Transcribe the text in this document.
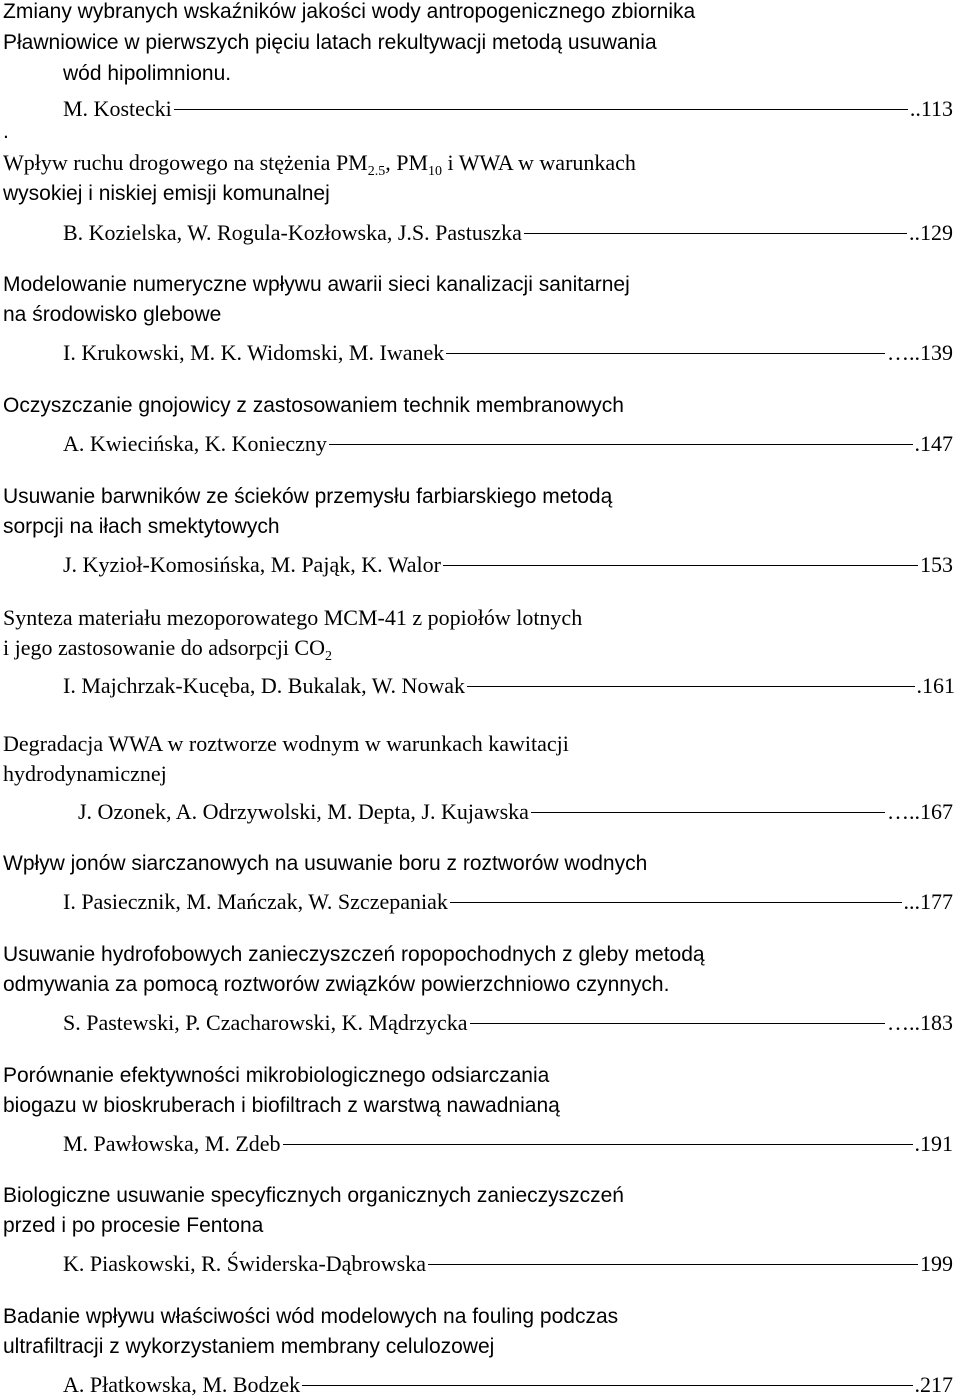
Zmiany wybranych wskaźników jakości wody antropogenicznego zbiornika
Pławniowice w pierwszych pięciu latach rekultywacji metodą usuwania
wód hipolimnionu.
M. Kostecki	.. 113
.
Wpływ ruchu drogowego na stężenia $PM_{2.5}$, $PM_{10}$ i WWA w warunkach
wysokiej i niskiej emisji komunalnej
B. Kozielska, W. Rogula-Kozłowska, J.S. Pastuszka	.. 129
Modelowanie numeryczne wpływu awarii sieci kanalizacji sanitarnej
na środowisko glebowe
I. Krukowski, M. K. Widomski, M. Iwanek	….. 139
Oczyszczanie gnojowicy z zastosowaniem technik membranowych
A. Kwiecińska, K. Konieczny	. 147
Usuwanie barwników ze ścieków przemysłu farbiarskiego metodą
sorpcji na iłach smektytowych
J. Kyzioł-Komosińska, M. Pająk, K. Walor	153
Synteza materiału mezoporowatego MCM-41 z popiołów lotnych
i jego zastosowanie do adsorpcji $CO_2$
I. Majchrzak-Kucęba, D. Bukalak, W. Nowak	. 161
Degradacja WWA w roztworze wodnym w warunkach kawitacji
hydrodynamicznej
J. Ozonek, A. Odrzywolski, M. Depta, J. Kujawska	….. 167
Wpływ jonów siarczanowych na usuwanie boru z roztworów wodnych
I. Pasiecznik, M. Mańczak, W. Szczepaniak	... 177
Usuwanie hydrofobowych zanieczyszczeń ropopochodnych z gleby metodą
odmywania za pomocą roztworów związków powierzchniowo czynnych.
S. Pastewski, P. Czacharowski, K. Mądrzycka	….. 183
Porównanie efektywności mikrobiologicznego odsiarczania
biogazu w bioskruberach i biofiltrach z warstwą nawadnianą
M. Pawłowska, M. Zdeb	. 191
Biologiczne usuwanie specyficznych organicznych zanieczyszczeń
przed i po procesie Fentona
K. Piaskowski, R. Świderska-Dąbrowska	199
Badanie wpływu właściwości wód modelowych na fouling podczas
ultrafiltracji z wykorzystaniem membrany celulozowej
A. Płatkowska, M. Bodzek	. 217
